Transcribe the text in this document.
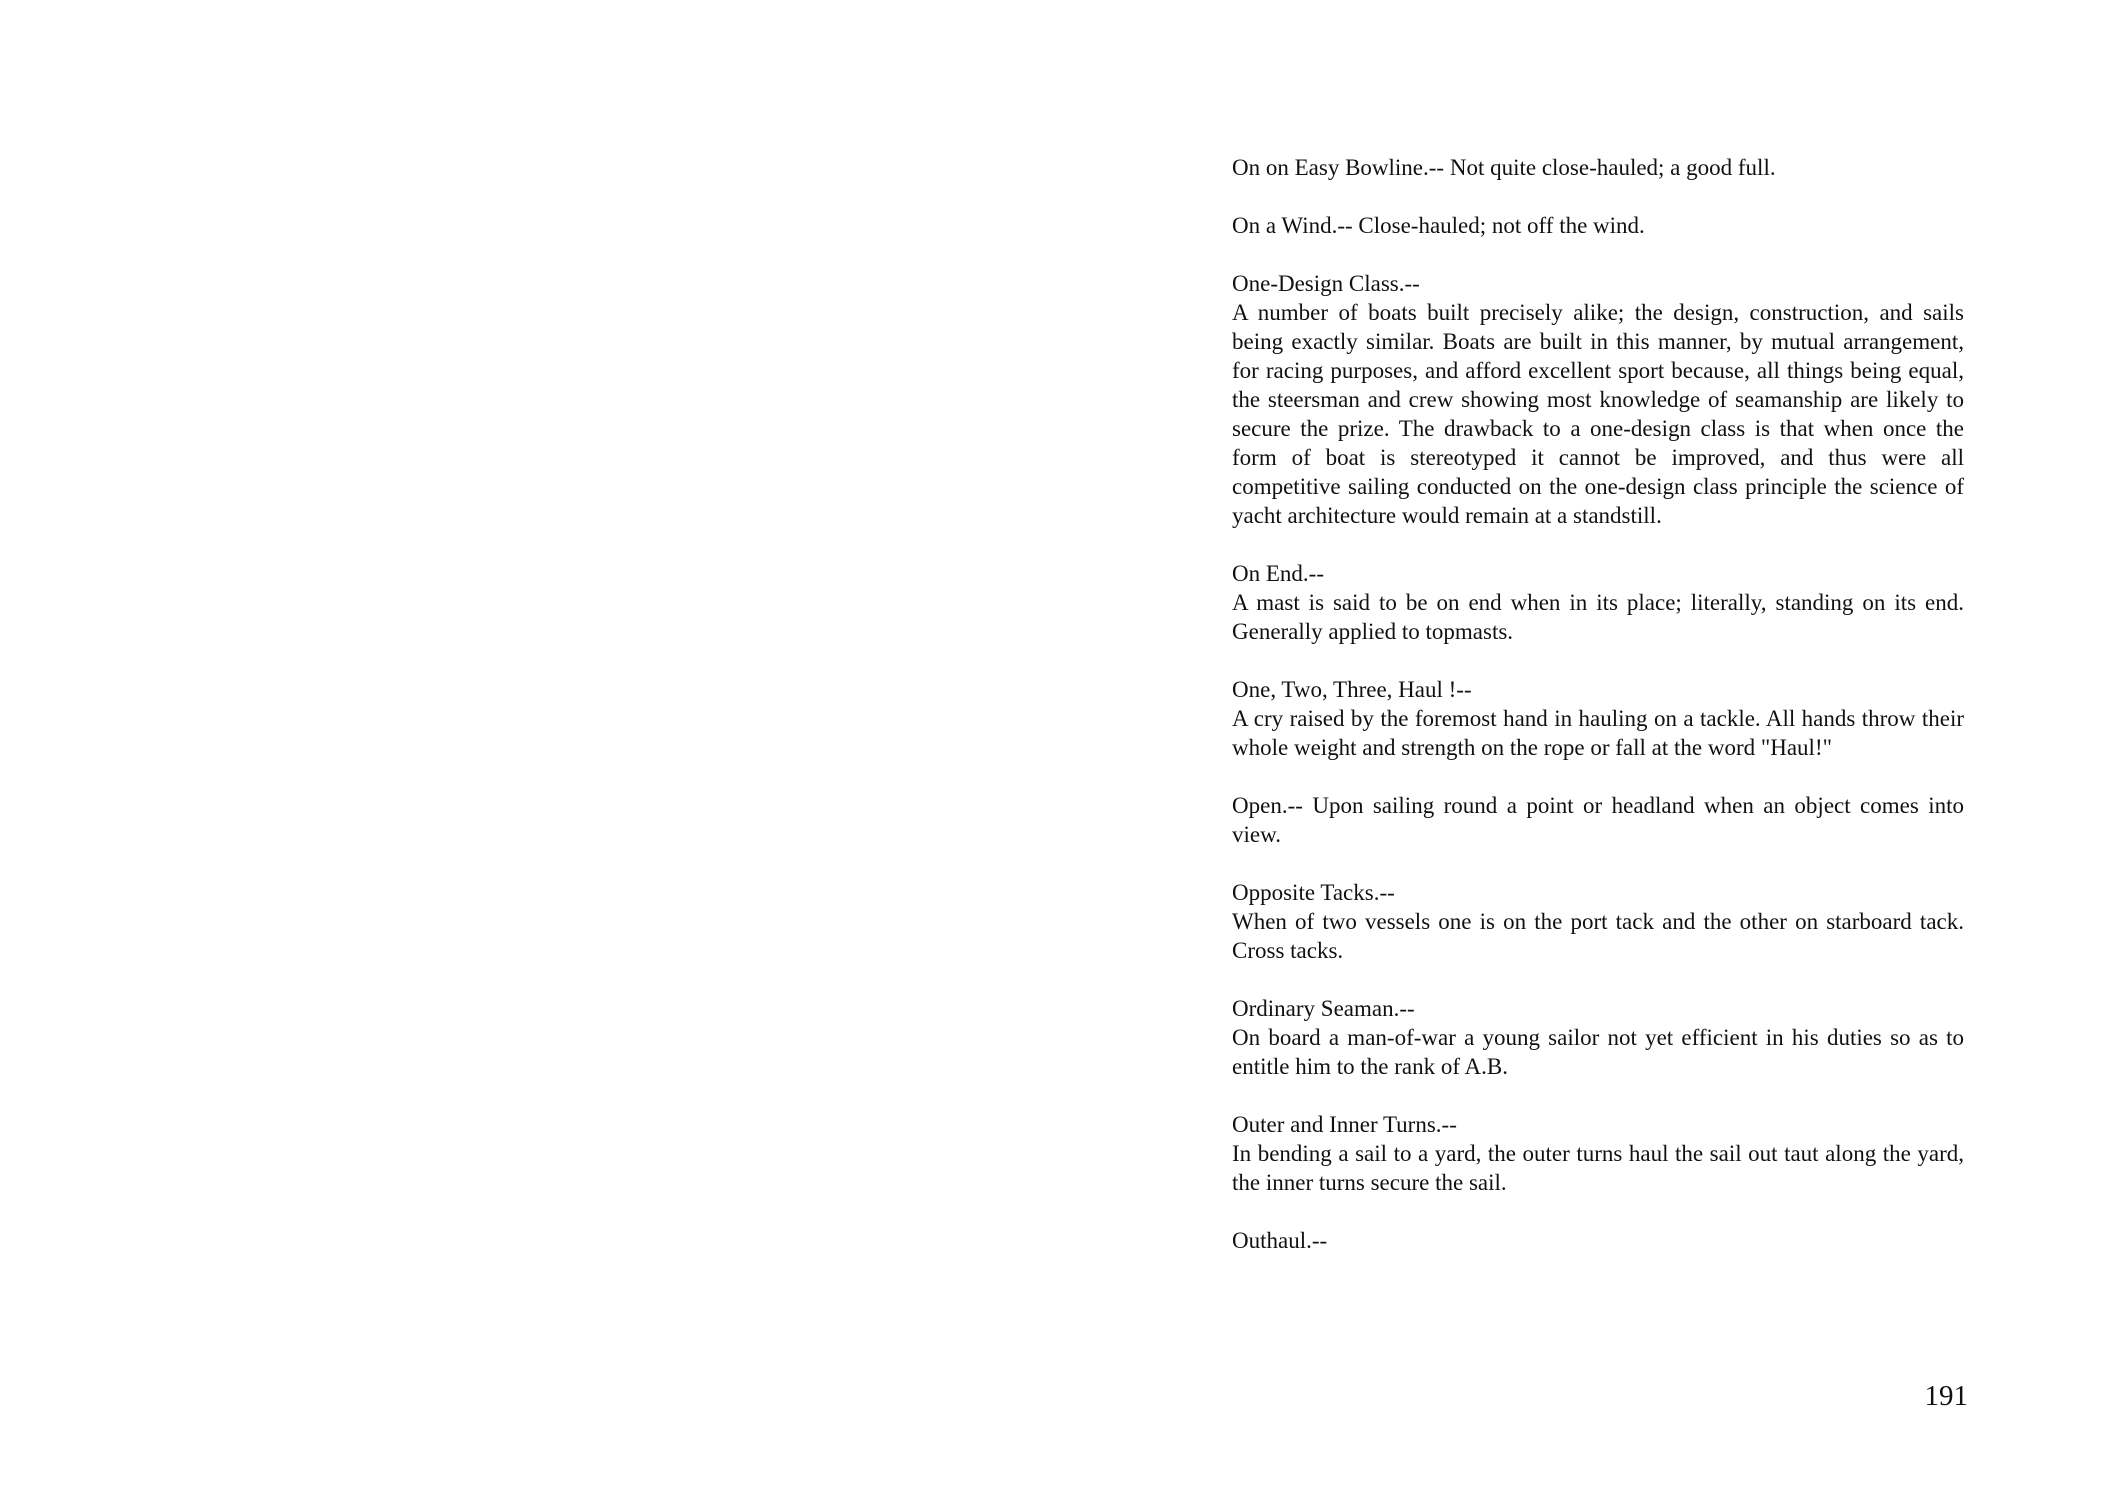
On on Easy Bowline.-- Not quite close-hauled; a good full.

On a Wind.-- Close-hauled; not off the wind.

One-Design Class.--
A number of boats built precisely alike; the design, construction, and sails being exactly similar. Boats are built in this manner, by mutual arrangement, for racing purposes, and afford excellent sport because, all things being equal, the steersman and crew showing most knowledge of seamanship are likely to secure the prize. The drawback to a one-design class is that when once the form of boat is stereotyped it cannot be improved, and thus were all competitive sailing conducted on the one-design class principle the science of yacht architecture would remain at a standstill.
On End.--
A mast is said to be on end when in its place; literally, standing on its end. Generally applied to topmasts.
One, Two, Three, Haul !--
A cry raised by the foremost hand in hauling on a tackle. All hands throw their whole weight and strength on the rope or fall at the word "Haul!"

Open.-- Upon sailing round a point or headland when an object comes into view.

Opposite Tacks.--
When of two vessels one is on the port tack and the other on starboard tack. Cross tacks.
Ordinary Seaman.--
On board a man-of-war a young sailor not yet efficient in his duties so as to entitle him to the rank of A.B.
Outer and Inner Turns.--
In bending a sail to a yard, the outer turns haul the sail out taut along the yard, the inner turns secure the sail.
Outhaul.--
191
